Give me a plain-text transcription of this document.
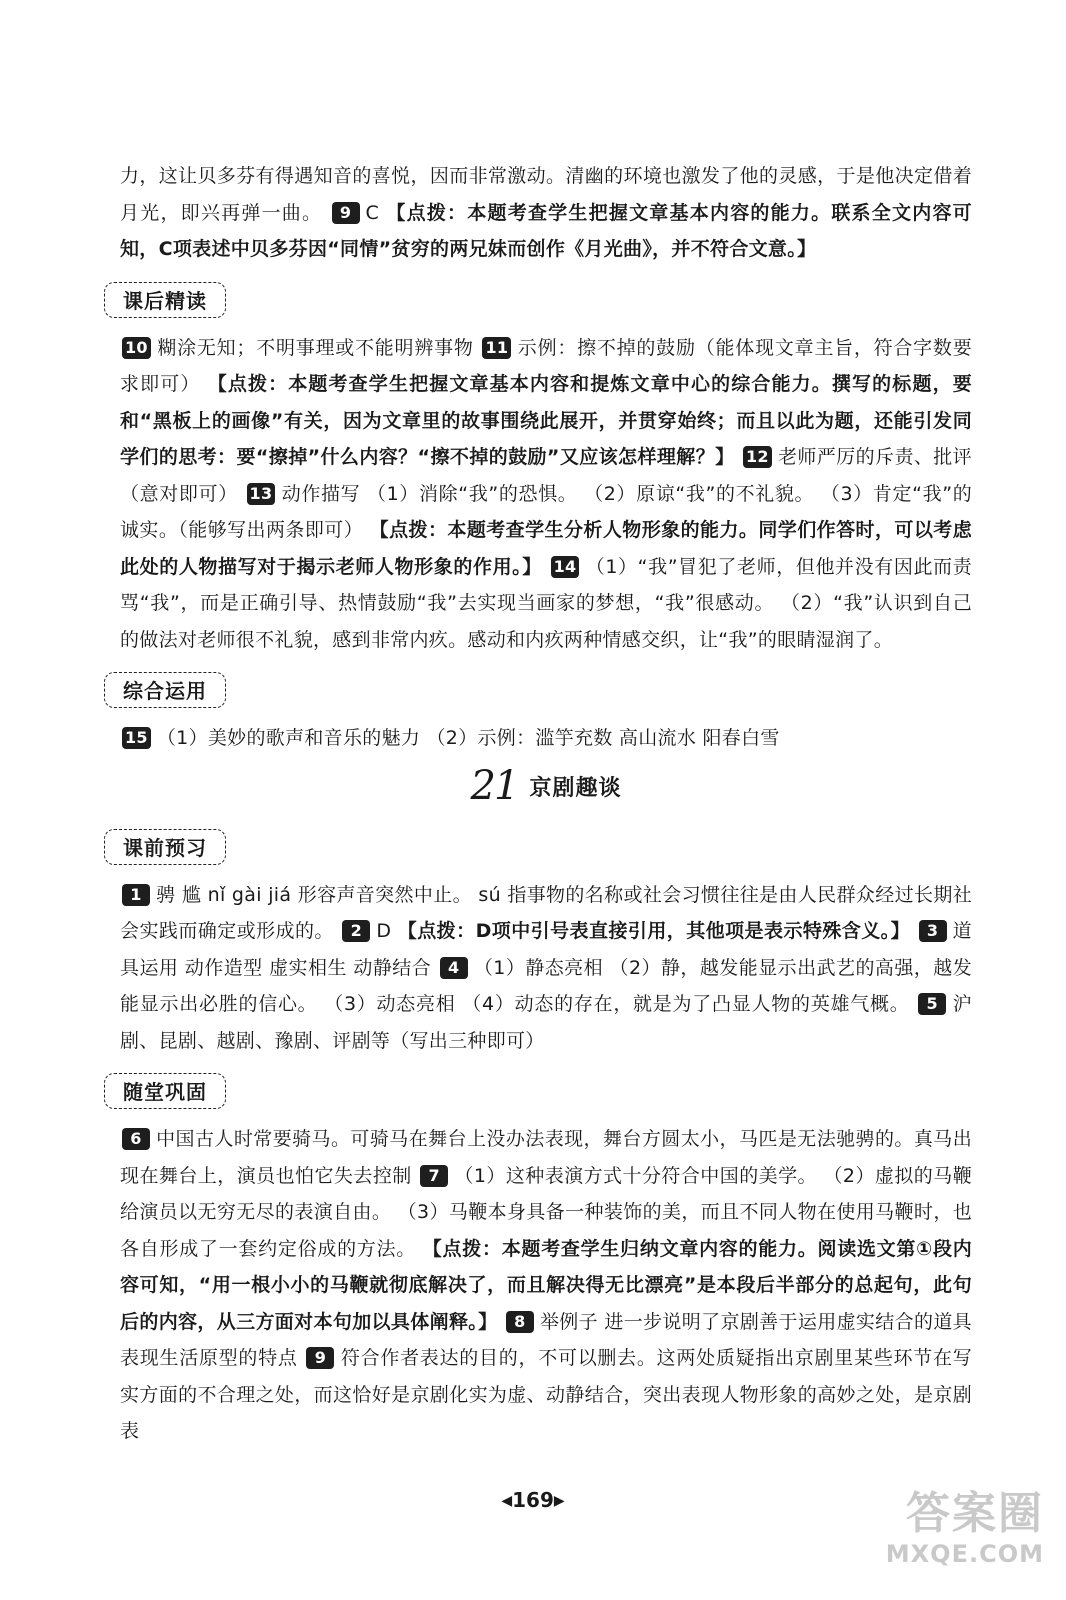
力，这让贝多芬有得遇知音的喜悦，因而非常激动。清幽的环境也激发了他的灵感，于是他决定借着月光，即兴再弹一曲。 9 C 【点拨：本题考查学生把握文章基本内容的能力。联系全文内容可知，C项表述中贝多芬因“同情”贫穷的两兄妹而创作《月光曲》，并不符合文意。】

课后精读

10 糊涂无知；不明事理或不能明辨事物 11 示例：擦不掉的鼓励（能体现文章主旨，符合字数要求即可） 【点拨：本题考查学生把握文章基本内容和提炼文章中心的综合能力。撰写的标题，要和“黑板上的画像”有关，因为文章里的故事围绕此展开，并贯穿始终；而且以此为题，还能引发同学们的思考：要“擦掉”什么内容？“擦不掉的鼓励”又应该怎样理解？】 12 老师严厉的斥责、批评（意对即可） 13 动作描写 （1）消除“我”的恐惧。 （2）原谅“我”的不礼貌。 （3）肯定“我”的诚实。（能够写出两条即可） 【点拨：本题考查学生分析人物形象的能力。同学们作答时，可以考虑此处的人物描写对于揭示老师人物形象的作用。】 14 （1）“我”冒犯了老师，但他并没有因此而责骂“我”，而是正确引导、热情鼓励“我”去实现当画家的梦想，“我”很感动。 （2）“我”认识到自己的做法对老师很不礼貌，感到非常内疚。感动和内疚两种情感交织，让“我”的眼睛湿润了。

综合运用

15 （1）美妙的歌声和音乐的魅力 （2）示例：滥竽充数 高山流水 阳春白雪

21 京剧趣谈
课前预习

1 骋 尴 nǐ gài jiá 形容声音突然中止。 sú 指事物的名称或社会习惯往往是由人民群众经过长期社会实践而确定或形成的。 2 D 【点拨：D项中引号表直接引用，其他项是表示特殊含义。】 3 道具运用 动作造型 虚实相生 动静结合 4 （1）静态亮相 （2）静，越发能显示出武艺的高强，越发能显示出必胜的信心。 （3）动态亮相 （4）动态的存在，就是为了凸显人物的英雄气概。 5 沪剧、昆剧、越剧、豫剧、评剧等（写出三种即可）

随堂巩固

6 中国古人时常要骑马。可骑马在舞台上没办法表现，舞台方圆太小，马匹是无法驰骋的。真马出现在舞台上，演员也怕它失去控制 7 （1）这种表演方式十分符合中国的美学。 （2）虚拟的马鞭给演员以无穷无尽的表演自由。 （3）马鞭本身具备一种装饰的美，而且不同人物在使用马鞭时，也各自形成了一套约定俗成的方法。 【点拨：本题考查学生归纳文章内容的能力。阅读选文第①段内容可知，“用一根小小的马鞭就彻底解决了，而且解决得无比漂亮”是本段后半部分的总起句，此句后的内容，从三方面对本句加以具体阐释。】 8 举例子 进一步说明了京剧善于运用虚实结合的道具表现生活原型的特点 9 符合作者表达的目的，不可以删去。这两处质疑指出京剧里某些环节在写实方面的不合理之处，而这恰好是京剧化实为虚、动静结合，突出表现人物形象的高妙之处，是京剧表

◀169▶	答案圈
MXQE.COM
